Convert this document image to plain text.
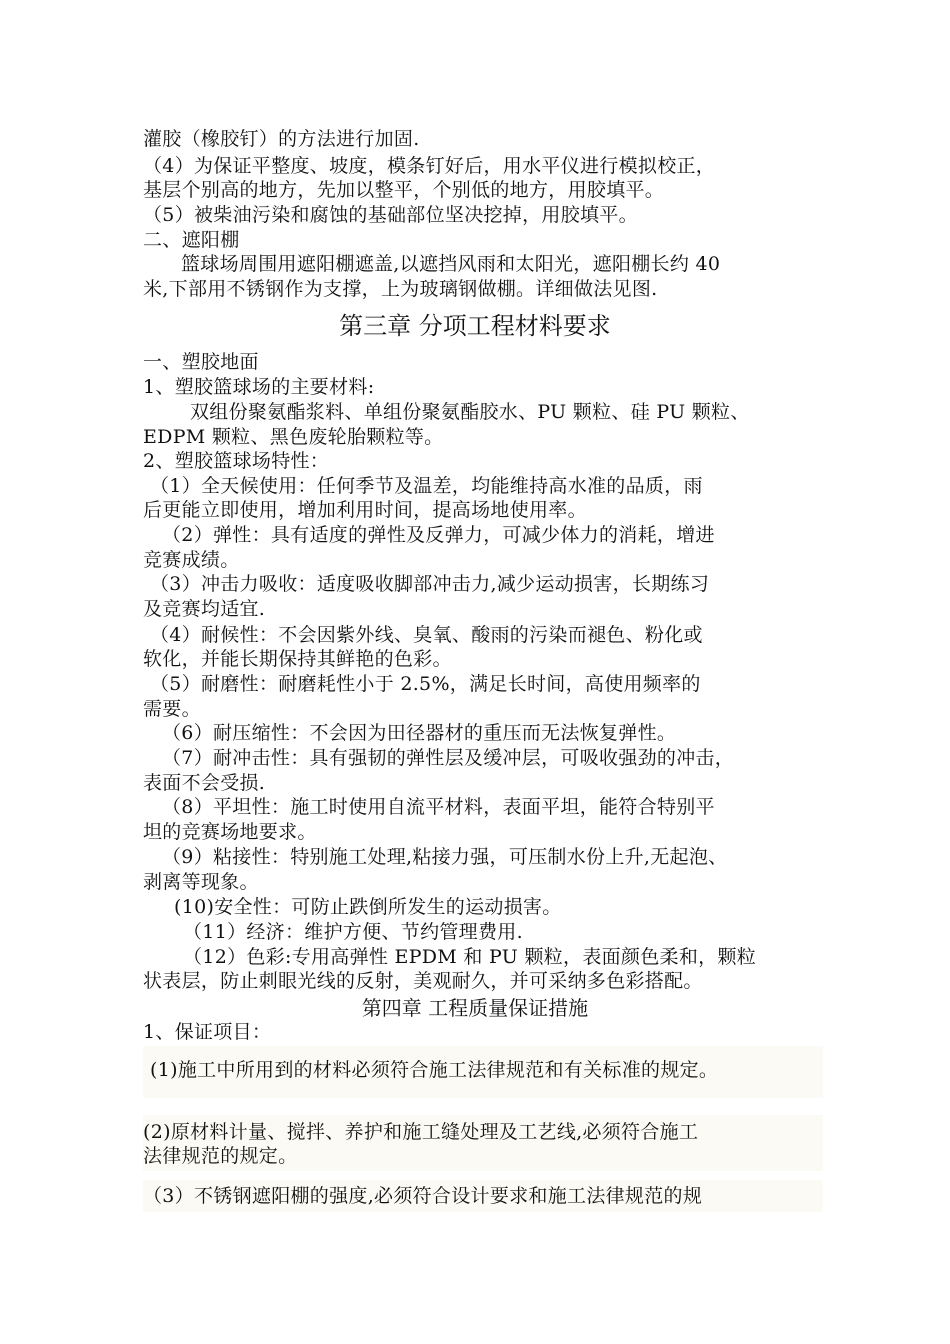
灌胶（橡胶钉）的方法进行加固.
（4）为保证平整度、坡度，模条钉好后，用水平仪进行模拟校正，
基层个别高的地方，先加以整平，个别低的地方，用胶填平。
（5）被柴油污染和腐蚀的基础部位坚决挖掉，用胶填平。
二、遮阳棚
篮球场周围用遮阳棚遮盖,以遮挡风雨和太阳光，遮阳棚长约 40
米,下部用不锈钢作为支撑，上为玻璃钢做棚。详细做法见图.
第三章 分项工程材料要求
一、塑胶地面
1、塑胶篮球场的主要材料:
双组份聚氨酯浆料、单组份聚氨酯胶水、PU 颗粒、硅 PU 颗粒、
EDPM 颗粒、黑色废轮胎颗粒等。
2、塑胶篮球场特性：
（1）全天候使用：任何季节及温差，均能维持高水准的品质，雨
后更能立即使用，增加利用时间，提高场地使用率。
（2）弹性：具有适度的弹性及反弹力，可减少体力的消耗，增进
竞赛成绩。
（3）冲击力吸收：适度吸收脚部冲击力,减少运动损害，长期练习
及竞赛均适宜.
（4）耐候性：不会因紫外线、臭氧、酸雨的污染而褪色、粉化或
软化，并能长期保持其鲜艳的色彩。
（5）耐磨性：耐磨耗性小于 2.5%，满足长时间，高使用频率的
需要。
（6）耐压缩性：不会因为田径器材的重压而无法恢复弹性。
（7）耐冲击性：具有强韧的弹性层及缓冲层，可吸收强劲的冲击，
表面不会受损.
（8）平坦性：施工时使用自流平材料，表面平坦，能符合特别平
坦的竞赛场地要求。
（9）粘接性：特别施工处理,粘接力强，可压制水份上升,无起泡、
剥离等现象。
(10)安全性：可防止跌倒所发生的运动损害。
（11）经济：维护方便、节约管理费用.
（12）色彩:专用高弹性 EPDM 和 PU 颗粒，表面颜色柔和，颗粒
状表层，防止刺眼光线的反射，美观耐久，并可采纳多色彩搭配。
第四章 工程质量保证措施
1、保证项目：
(1)施工中所用到的材料必须符合施工法律规范和有关标准的规定。
(2)原材料计量、搅拌、养护和施工缝处理及工艺线,必须符合施工
法律规范的规定。
（3）不锈钢遮阳棚的强度,必须符合设计要求和施工法律规范的规
